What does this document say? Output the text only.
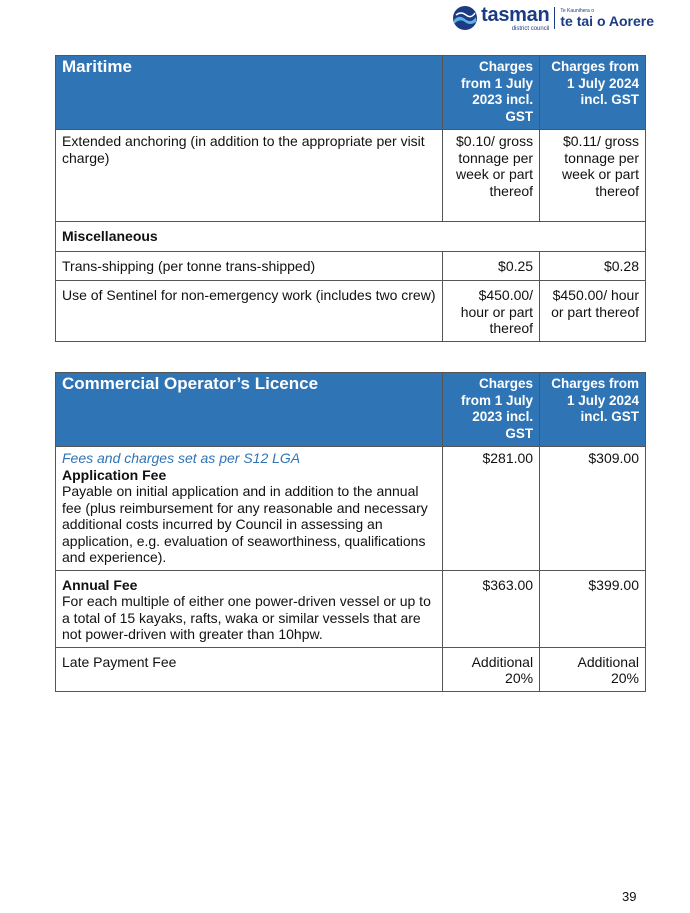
tasman
district council
Te Kaunihera o
te tai o Aorere
Maritime	Charges from 1 July 2023 incl. GST	Charges from 1 July 2024 incl. GST
Extended anchoring (in addition to the appropriate per visit charge)	$0.10/ gross tonnage per week or part thereof	$0.11/ gross tonnage per week or part thereof
Miscellaneous		
Trans-shipping (per tonne trans-shipped)	$0.25	$0.28
Use of Sentinel for non-emergency work (includes two crew)	$450.00/ hour or part thereof	$450.00/ hour or part thereof
Commercial Operator’s Licence	Charges from 1 July 2023 incl. GST	Charges from 1 July 2024 incl. GST

Fees and charges set as per S12 LGA
Application Fee
Payable on initial application and in addition to the annual fee (plus reimbursement for any reasonable and necessary additional costs incurred by Council in assessing an application, e.g. evaluation of seaworthiness, qualifications and experience).	$281.00	$309.00

Annual Fee
For each multiple of either one power-driven vessel or up to a total of 15 kayaks, rafts, waka or similar vessels that are not power-driven with greater than 10hpw.	$363.00	$399.00
Late Payment Fee	Additional 20%	Additional 20%
39
